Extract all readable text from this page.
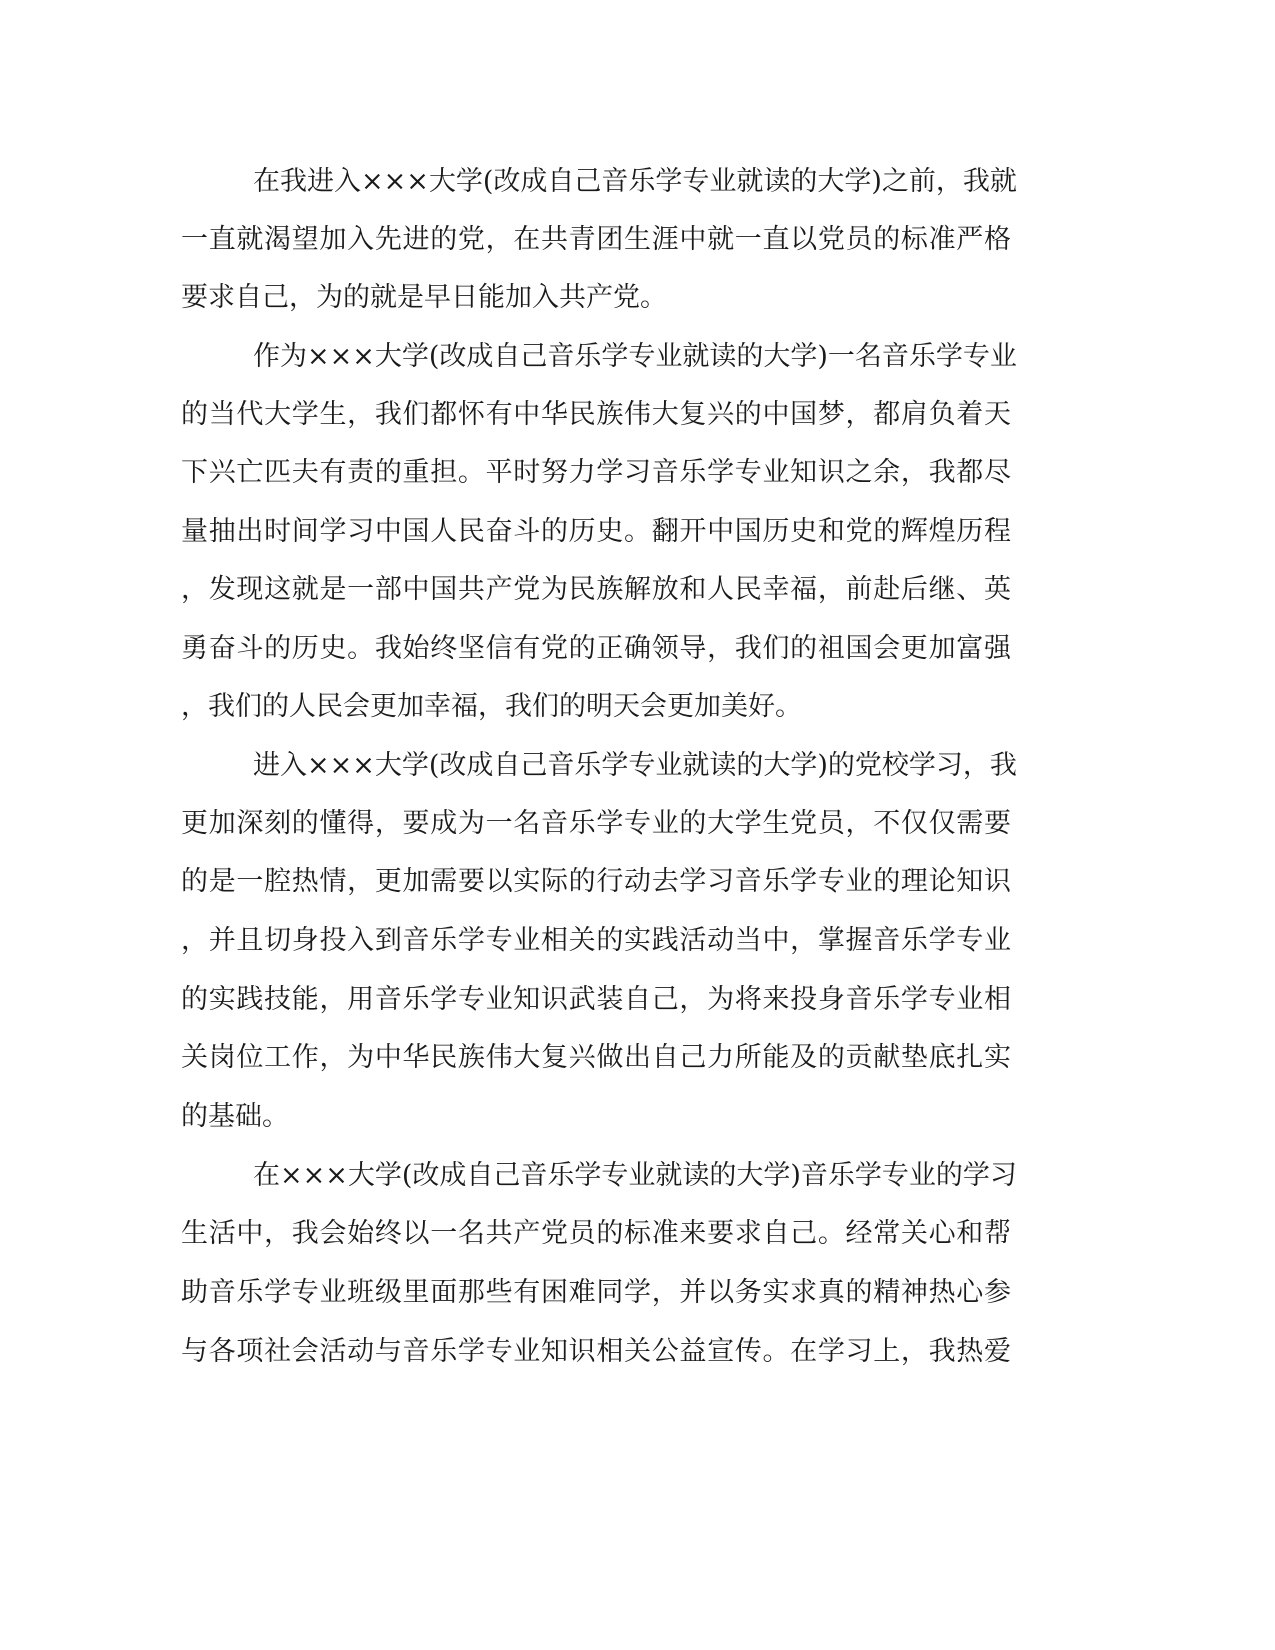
在我进入×××大学(改成自己音乐学专业就读的大学)之前，我就

一直就渴望加入先进的党，在共青团生涯中就一直以党员的标准严格

要求自己，为的就是早日能加入共产党。

作为×××大学(改成自己音乐学专业就读的大学)一名音乐学专业

的当代大学生，我们都怀有中华民族伟大复兴的中国梦，都肩负着天

下兴亡匹夫有责的重担。平时努力学习音乐学专业知识之余，我都尽

量抽出时间学习中国人民奋斗的历史。翻开中国历史和党的辉煌历程

，发现这就是一部中国共产党为民族解放和人民幸福，前赴后继、英

勇奋斗的历史。我始终坚信有党的正确领导，我们的祖国会更加富强

，我们的人民会更加幸福，我们的明天会更加美好。

进入×××大学(改成自己音乐学专业就读的大学)的党校学习，我

更加深刻的懂得，要成为一名音乐学专业的大学生党员，不仅仅需要

的是一腔热情，更加需要以实际的行动去学习音乐学专业的理论知识

，并且切身投入到音乐学专业相关的实践活动当中，掌握音乐学专业

的实践技能，用音乐学专业知识武装自己，为将来投身音乐学专业相

关岗位工作，为中华民族伟大复兴做出自己力所能及的贡献垫底扎实

的基础。

在×××大学(改成自己音乐学专业就读的大学)音乐学专业的学习

生活中，我会始终以一名共产党员的标准来要求自己。经常关心和帮

助音乐学专业班级里面那些有困难同学，并以务实求真的精神热心参

与各项社会活动与音乐学专业知识相关公益宣传。在学习上，我热爱
